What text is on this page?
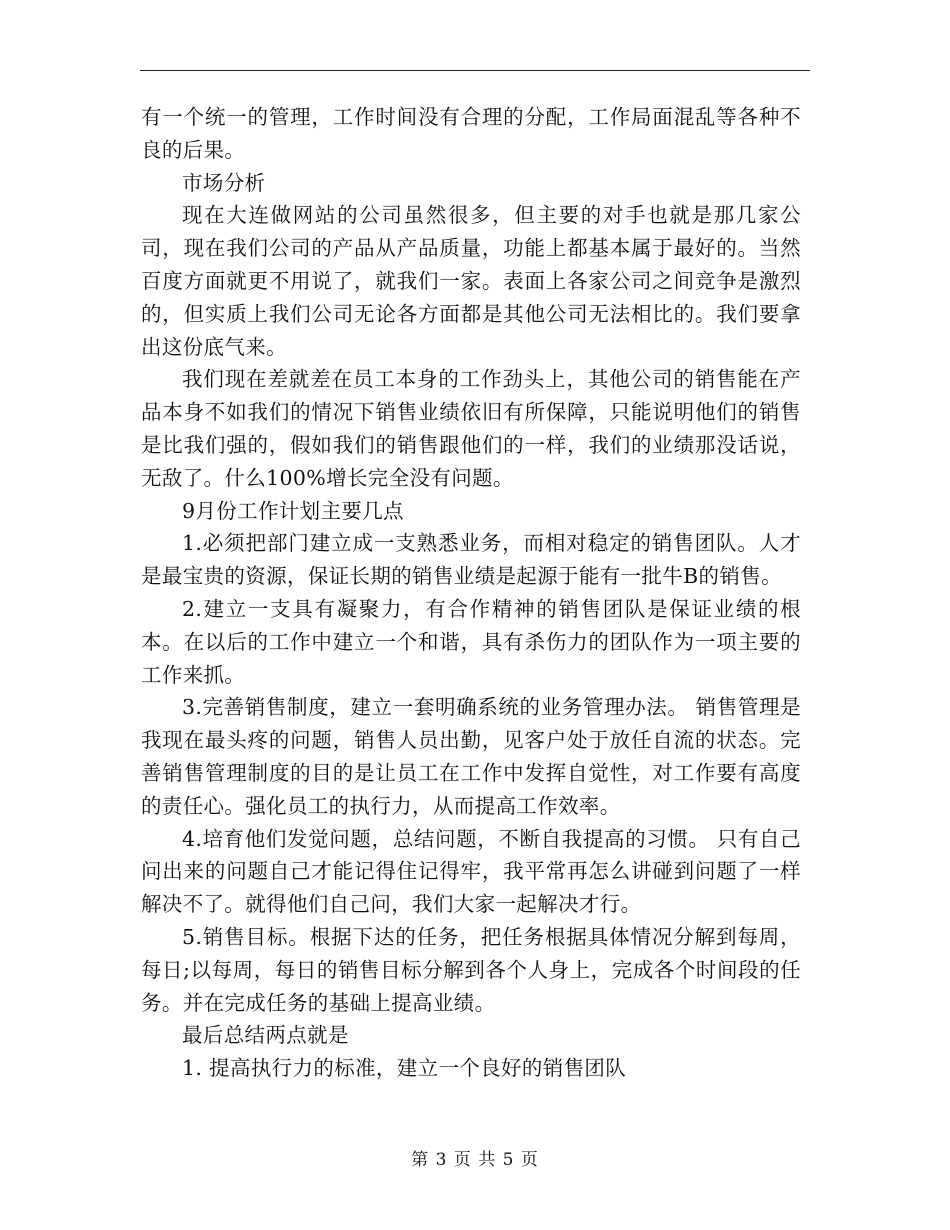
有一个统一的管理，工作时间没有合理的分配，工作局面混乱等各种不良的后果。

市场分析

现在大连做网站的公司虽然很多，但主要的对手也就是那几家公司，现在我们公司的产品从产品质量，功能上都基本属于最好的。当然百度方面就更不用说了，就我们一家。表面上各家公司之间竞争是激烈的，但实质上我们公司无论各方面都是其他公司无法相比的。我们要拿出这份底气来。

我们现在差就差在员工本身的工作劲头上，其他公司的销售能在产品本身不如我们的情况下销售业绩依旧有所保障，只能说明他们的销售是比我们强的，假如我们的销售跟他们的一样，我们的业绩那没话说，无敌了。什么100%增长完全没有问题。

9月份工作计划主要几点

1.必须把部门建立成一支熟悉业务，而相对稳定的销售团队。人才是最宝贵的资源，保证长期的销售业绩是起源于能有一批牛B的销售。

2.建立一支具有凝聚力，有合作精神的销售团队是保证业绩的根本。在以后的工作中建立一个和谐，具有杀伤力的团队作为一项主要的工作来抓。

3.完善销售制度，建立一套明确系统的业务管理办法。 销售管理是我现在最头疼的问题，销售人员出勤，见客户处于放任自流的状态。完善销售管理制度的目的是让员工在工作中发挥自觉性，对工作要有高度的责任心。强化员工的执行力，从而提高工作效率。

4.培育他们发觉问题，总结问题，不断自我提高的习惯。 只有自己问出来的问题自己才能记得住记得牢，我平常再怎么讲碰到问题了一样解决不了。就得他们自己问，我们大家一起解决才行。

5.销售目标。根据下达的任务，把任务根据具体情况分解到每周，每日;以每周，每日的销售目标分解到各个人身上，完成各个时间段的任务。并在完成任务的基础上提高业绩。

最后总结两点就是

1. 提高执行力的标准，建立一个良好的销售团队

第 3 页 共 5 页
